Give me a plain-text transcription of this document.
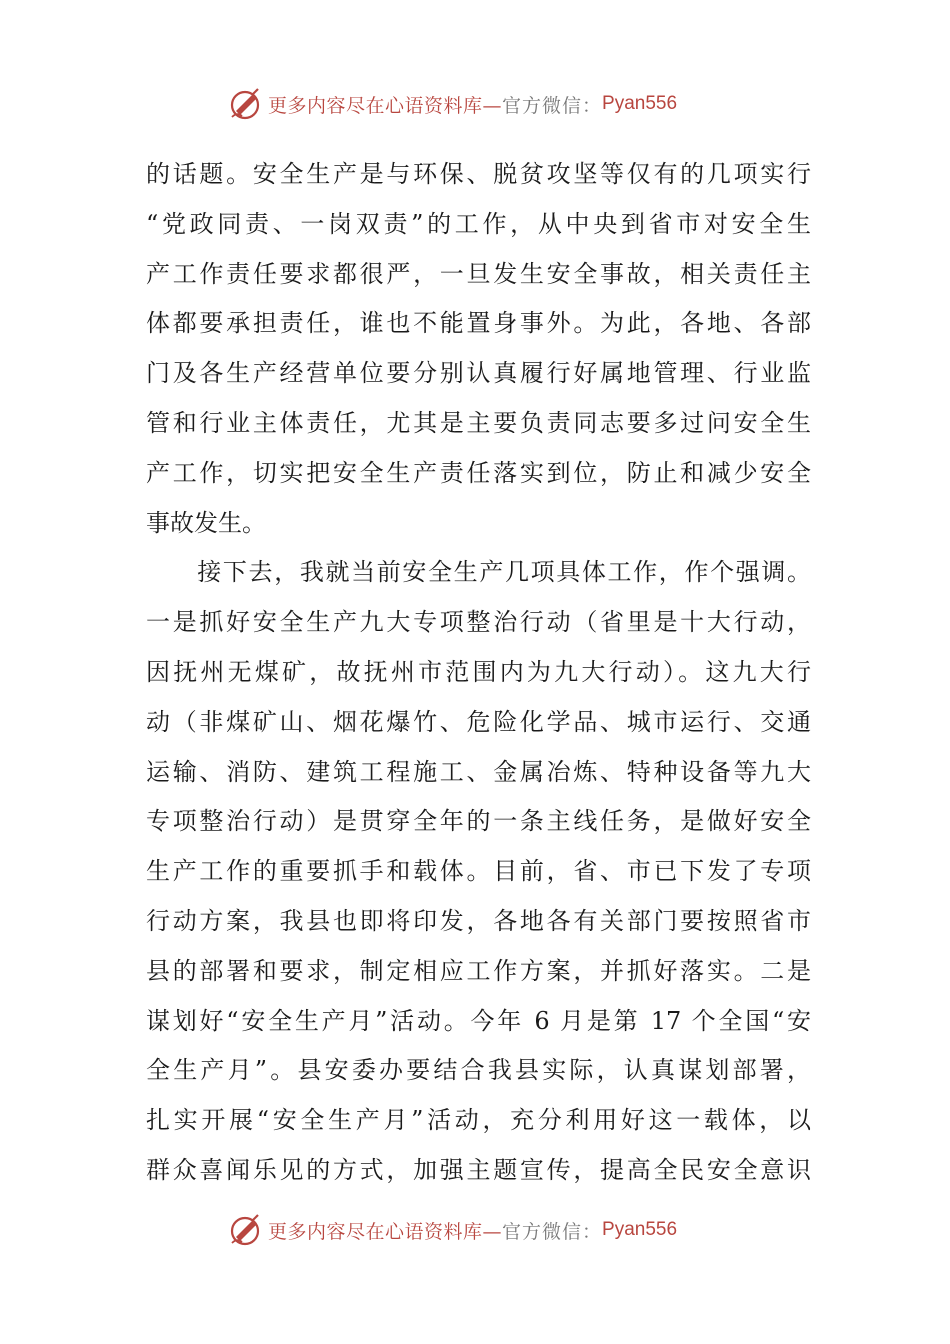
更多内容尽在心语资料库— 官方微信： Pyan556
的话题。安全生产是与环保、脱贫攻坚等仅有的几项实行
“党政同责、一岗双责”的工作，从中央到省市对安全生
产工作责任要求都很严，一旦发生安全事故，相关责任主
体都要承担责任，谁也不能置身事外。为此，各地、各部
门及各生产经营单位要分别认真履行好属地管理、行业监
管和行业主体责任，尤其是主要负责同志要多过问安全生
产工作，切实把安全生产责任落实到位，防止和减少安全
事故发生。
　　接下去，我就当前安全生产几项具体工作，作个强调。
一是抓好安全生产九大专项整治行动（省里是十大行动，
因抚州无煤矿，故抚州市范围内为九大行动）。这九大行
动（非煤矿山、烟花爆竹、危险化学品、城市运行、交通
运输、消防、建筑工程施工、金属冶炼、特种设备等九大
专项整治行动）是贯穿全年的一条主线任务，是做好安全
生产工作的重要抓手和载体。目前，省、市已下发了专项
行动方案，我县也即将印发，各地各有关部门要按照省市
县的部署和要求，制定相应工作方案，并抓好落实。二是
谋划好“安全生产月”活动。今年 6 月是第 17 个全国“安
全生产月”。县安委办要结合我县实际，认真谋划部署，
扎实开展“安全生产月”活动，充分利用好这一载体，以
群众喜闻乐见的方式，加强主题宣传，提高全民安全意识
更多内容尽在心语资料库— 官方微信： Pyan556
